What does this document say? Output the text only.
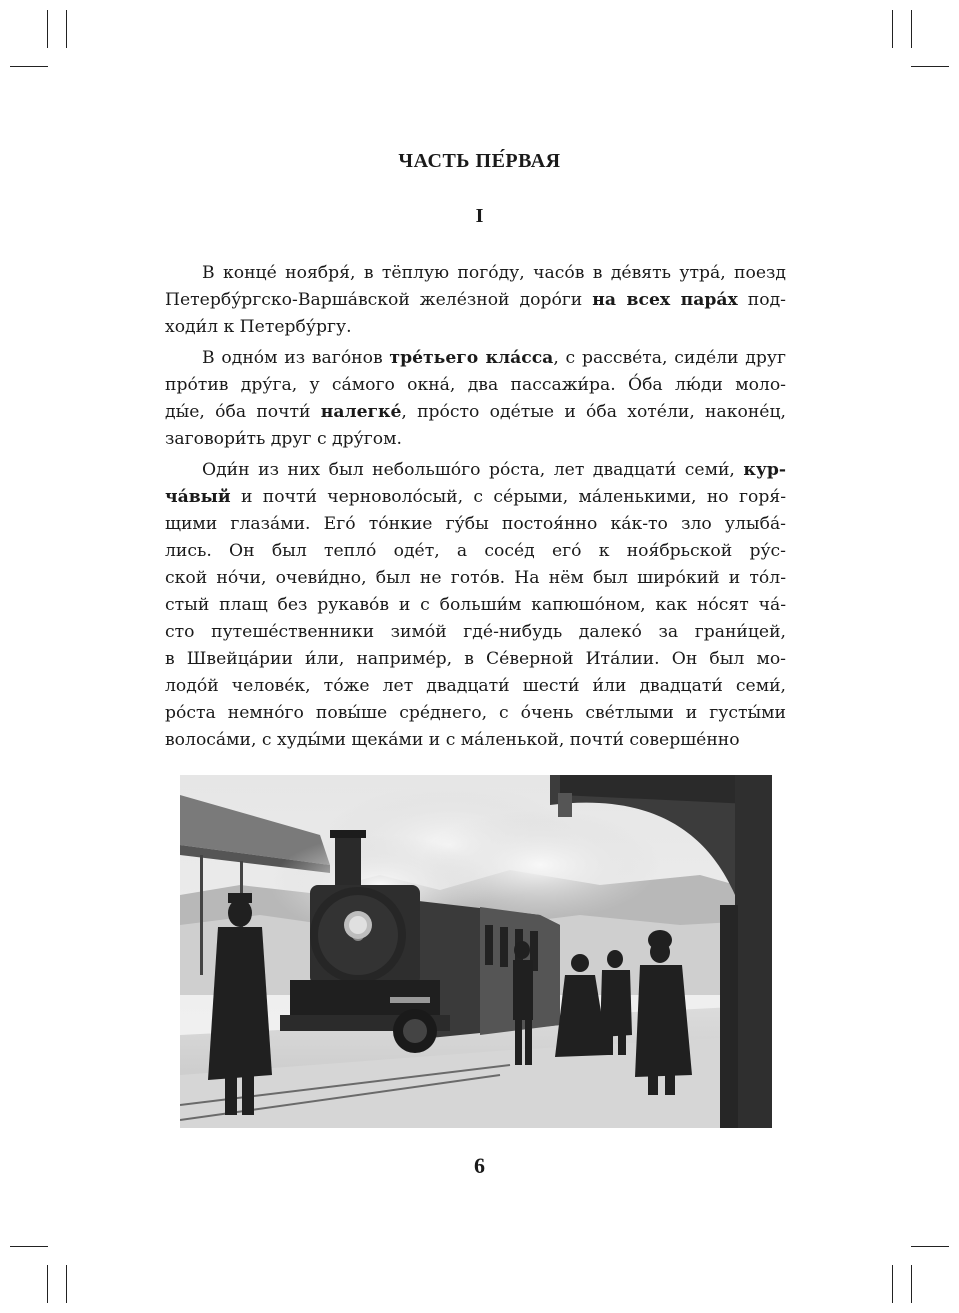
ЧАСТЬ ПЕ́РВАЯ
I
В конце́ ноября́, в тёплую пого́ду, часо́в в де́вять утра́, поезд
Петербу́ргско-Варша́вской желе́зной доро́ги на всех пара́х под-
ходи́л к Петербу́ргу.
В одно́м из ваго́нов тре́тьего кла́сса, с рассве́та, сиде́ли друг
про́тив дру́га, у са́мого окна́, два пассажи́ра. О́ба лю́ди моло-
ды́е, о́ба почти́ налегке́, про́сто оде́тые и о́ба хоте́ли, наконе́ц,
заговори́ть друг с дру́гом.
Оди́н из них был небольшо́го ро́ста, лет двадцати́ семи́, кур-
ча́вый и почти́ черноволо́сый, с се́рыми, ма́ленькими, но горя́-
щими глаза́ми. Его́ то́нкие гу́бы постоя́нно ка́к-то зло улыба́-
лись. Он был тепло́ оде́т, а сосе́д его́ к ноя́брьской ру́с-
ской но́чи, очеви́дно, был не гото́в. На нём был широ́кий и то́л-
стый плащ без рукаво́в и с больши́м капюшо́ном, как но́сят ча́-
сто путеше́ственники зимо́й где́-нибудь далеко́ за грани́цей,
в Швейца́рии и́ли, наприме́р, в Се́верной Ита́лии. Он был мо-
лодо́й челове́к, то́же лет двадцати́ шести́ и́ли двадцати́ семи́,
ро́ста немно́го повы́ше сре́днего, с о́чень све́тлыми и густы́ми
волоса́ми, с худы́ми щека́ми и с ма́ленькой, почти́ соверше́нно
6
